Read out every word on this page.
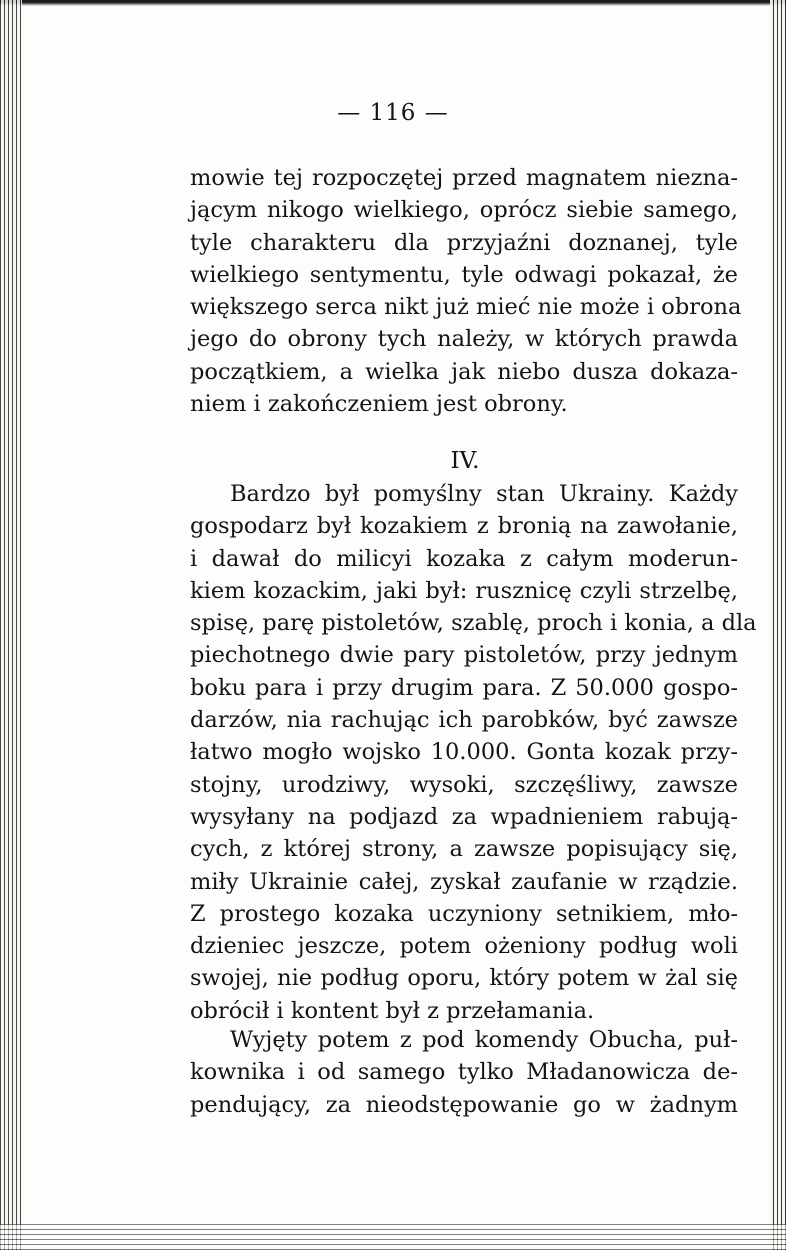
— 116 —
mowie tej rozpoczętej przed magnatem niezna-
jącym nikogo wielkiego, oprócz siebie samego,
tyle charakteru dla przyjaźni doznanej, tyle
wielkiego sentymentu, tyle odwagi pokazał, że
większego serca nikt już mieć nie może i obrona
jego do obrony tych należy, w których prawda
początkiem, a wielka jak niebo dusza dokaza-
niem i zakończeniem jest obrony.
IV.
Bardzo był pomyślny stan Ukrainy. Każdy
gospodarz był kozakiem z bronią na zawołanie,
i dawał do milicyi kozaka z całym moderun-
kiem kozackim, jaki był: rusznicę czyli strzelbę,
spisę, parę pistoletów, szablę, proch i konia, a dla
piechotnego dwie pary pistoletów, przy jednym
boku para i przy drugim para. Z 50.000 gospo-
darzów, nia rachując ich parobków, być zawsze
łatwo mogło wojsko 10.000. Gonta kozak przy-
stojny, urodziwy, wysoki, szczęśliwy, zawsze
wysyłany na podjazd za wpadnieniem rabują-
cych, z której strony, a zawsze popisujący się,
miły Ukrainie całej, zyskał zaufanie w rządzie.
Z prostego kozaka uczyniony setnikiem, mło-
dzieniec jeszcze, potem ożeniony podług woli
swojej, nie podług oporu, który potem w żal się
obrócił i kontent był z przełamania.
Wyjęty potem z pod komendy Obucha, puł-
kownika i od samego tylko Mładanowicza de-
pendujący, za nieodstępowanie go w żadnym
